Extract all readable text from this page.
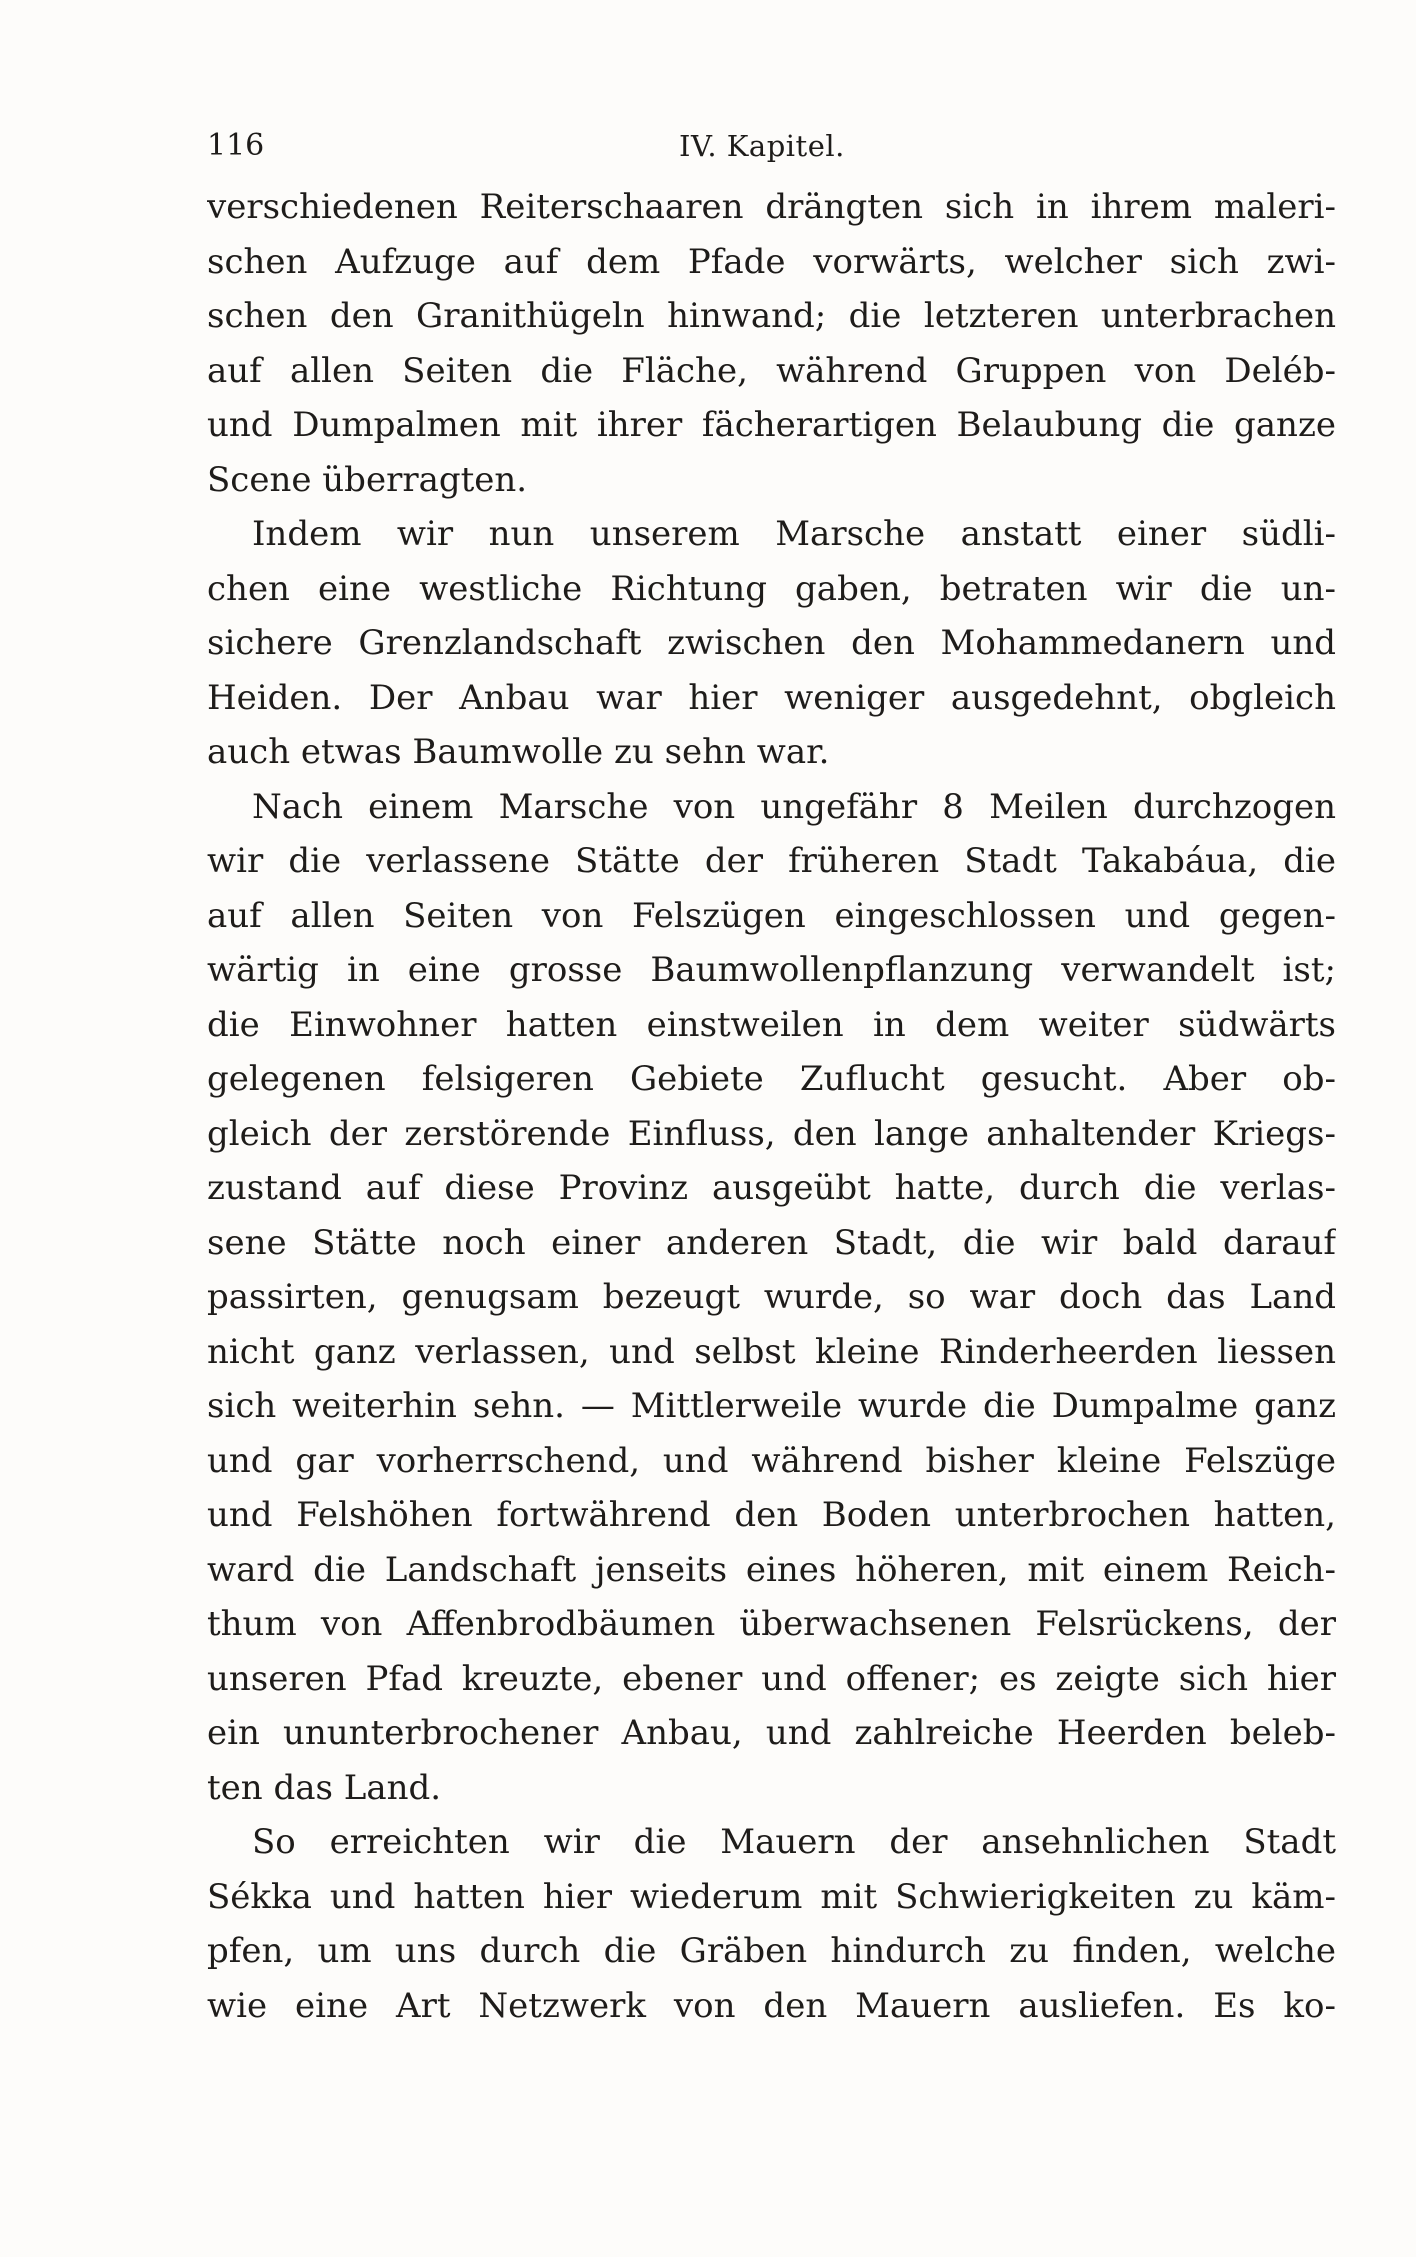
116	IV. Kapitel.
verschiedenen Reiterschaaren drängten sich in ihrem maleri-
schen Aufzuge auf dem Pfade vorwärts, welcher sich zwi-
schen den Granithügeln hinwand; die letzteren unterbrachen
auf allen Seiten die Fläche, während Gruppen von Deléb-
und Dumpalmen mit ihrer fächerartigen Belaubung die ganze
Scene überragten.
Indem wir nun unserem Marsche anstatt einer südli-
chen eine westliche Richtung gaben, betraten wir die un-
sichere Grenzlandschaft zwischen den Mohammedanern und
Heiden. Der Anbau war hier weniger ausgedehnt, obgleich
auch etwas Baumwolle zu sehn war.
Nach einem Marsche von ungefähr 8 Meilen durchzogen
wir die verlassene Stätte der früheren Stadt Takabáua, die
auf allen Seiten von Felszügen eingeschlossen und gegen-
wärtig in eine grosse Baumwollenpflanzung verwandelt ist;
die Einwohner hatten einstweilen in dem weiter südwärts
gelegenen felsigeren Gebiete Zuflucht gesucht. Aber ob-
gleich der zerstörende Einfluss, den lange anhaltender Kriegs-
zustand auf diese Provinz ausgeübt hatte, durch die verlas-
sene Stätte noch einer anderen Stadt, die wir bald darauf
passirten, genugsam bezeugt wurde, so war doch das Land
nicht ganz verlassen, und selbst kleine Rinderheerden liessen
sich weiterhin sehn. — Mittlerweile wurde die Dumpalme ganz
und gar vorherrschend, und während bisher kleine Felszüge
und Felshöhen fortwährend den Boden unterbrochen hatten,
ward die Landschaft jenseits eines höheren, mit einem Reich-
thum von Affenbrodbäumen überwachsenen Felsrückens, der
unseren Pfad kreuzte, ebener und offener; es zeigte sich hier
ein ununterbrochener Anbau, und zahlreiche Heerden beleb-
ten das Land.
So erreichten wir die Mauern der ansehnlichen Stadt
Sékka und hatten hier wiederum mit Schwierigkeiten zu käm-
pfen, um uns durch die Gräben hindurch zu finden, welche
wie eine Art Netzwerk von den Mauern ausliefen. Es ko-
